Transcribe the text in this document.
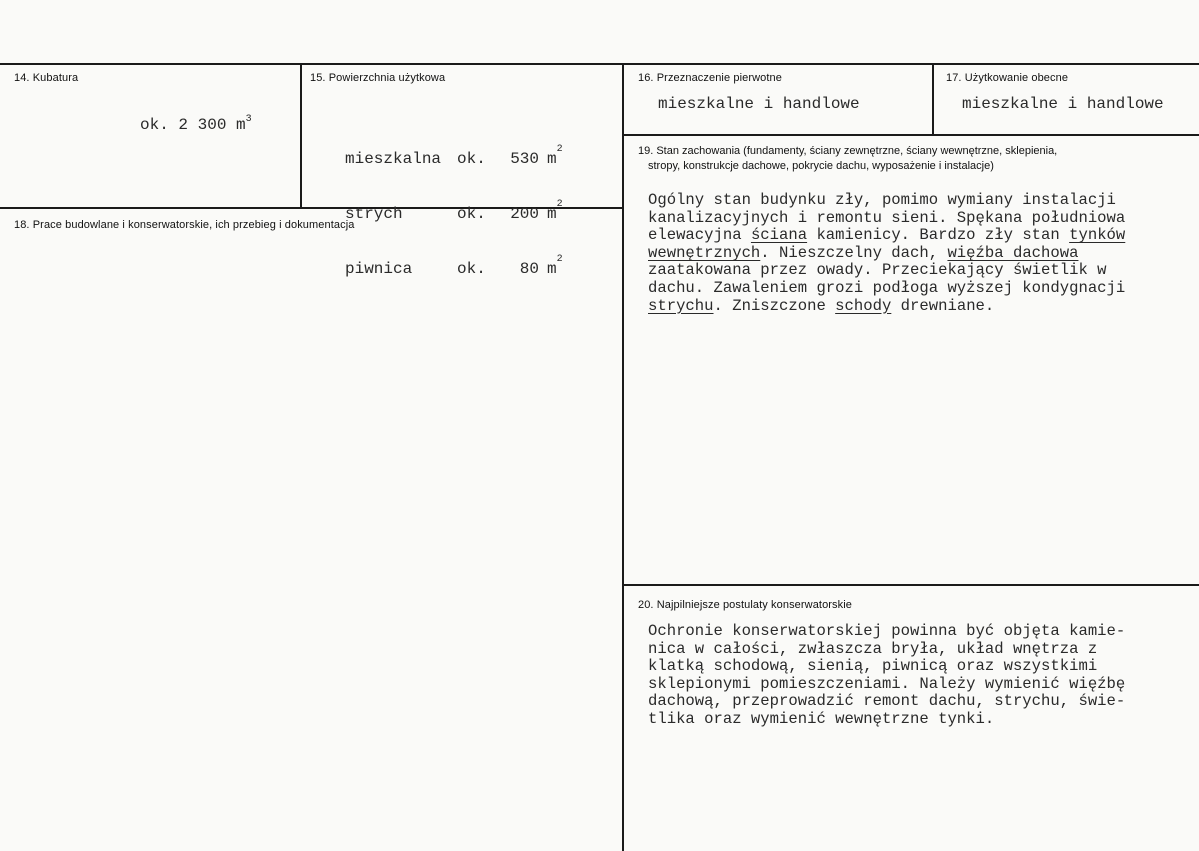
14. Kubatura
ok. 2 300 $m^3$
15. Powierzchnia użytkowa

mieszkalna ok.	530 m
2

strych	ok.	200 m
2

piwnica	ok.	80 m
2

16. Przeznaczenie pierwotne
mieszkalne i handlowe
17. Użytkowanie obecne
mieszkalne i handlowe
18. Prace budowlane i konserwatorskie, ich przebieg i dokumentacja
19. Stan zachowania (fundamenty, ściany zewnętrzne, ściany wewnętrzne, sklepienia,
stropy, konstrukcje dachowe, pokrycie dachu, wyposażenie i instalacje)
Ogólny stan budynku zły, pomimo wymiany instalacji
kanalizacyjnych i remontu sieni. Spękana południowa
elewacyjna ściana kamienicy. Bardzo zły stan tynków
wewnętrznych. Nieszczelny dach, więźba dachowa
zaatakowana przez owady. Przeciekający świetlik w
dachu. Zawaleniem grozi podłoga wyższej kondygnacji
strychu. Zniszczone schody drewniane.
20. Najpilniejsze postulaty konserwatorskie
Ochronie konserwatorskiej powinna być objęta kamie-
nica w całości, zwłaszcza bryła, układ wnętrza z
klatką schodową, sienią, piwnicą oraz wszystkimi
sklepionymi pomieszczeniami. Należy wymienić więźbę
dachową, przeprowadzić remont dachu, strychu, świe-
tlika oraz wymienić wewnętrzne tynki.
